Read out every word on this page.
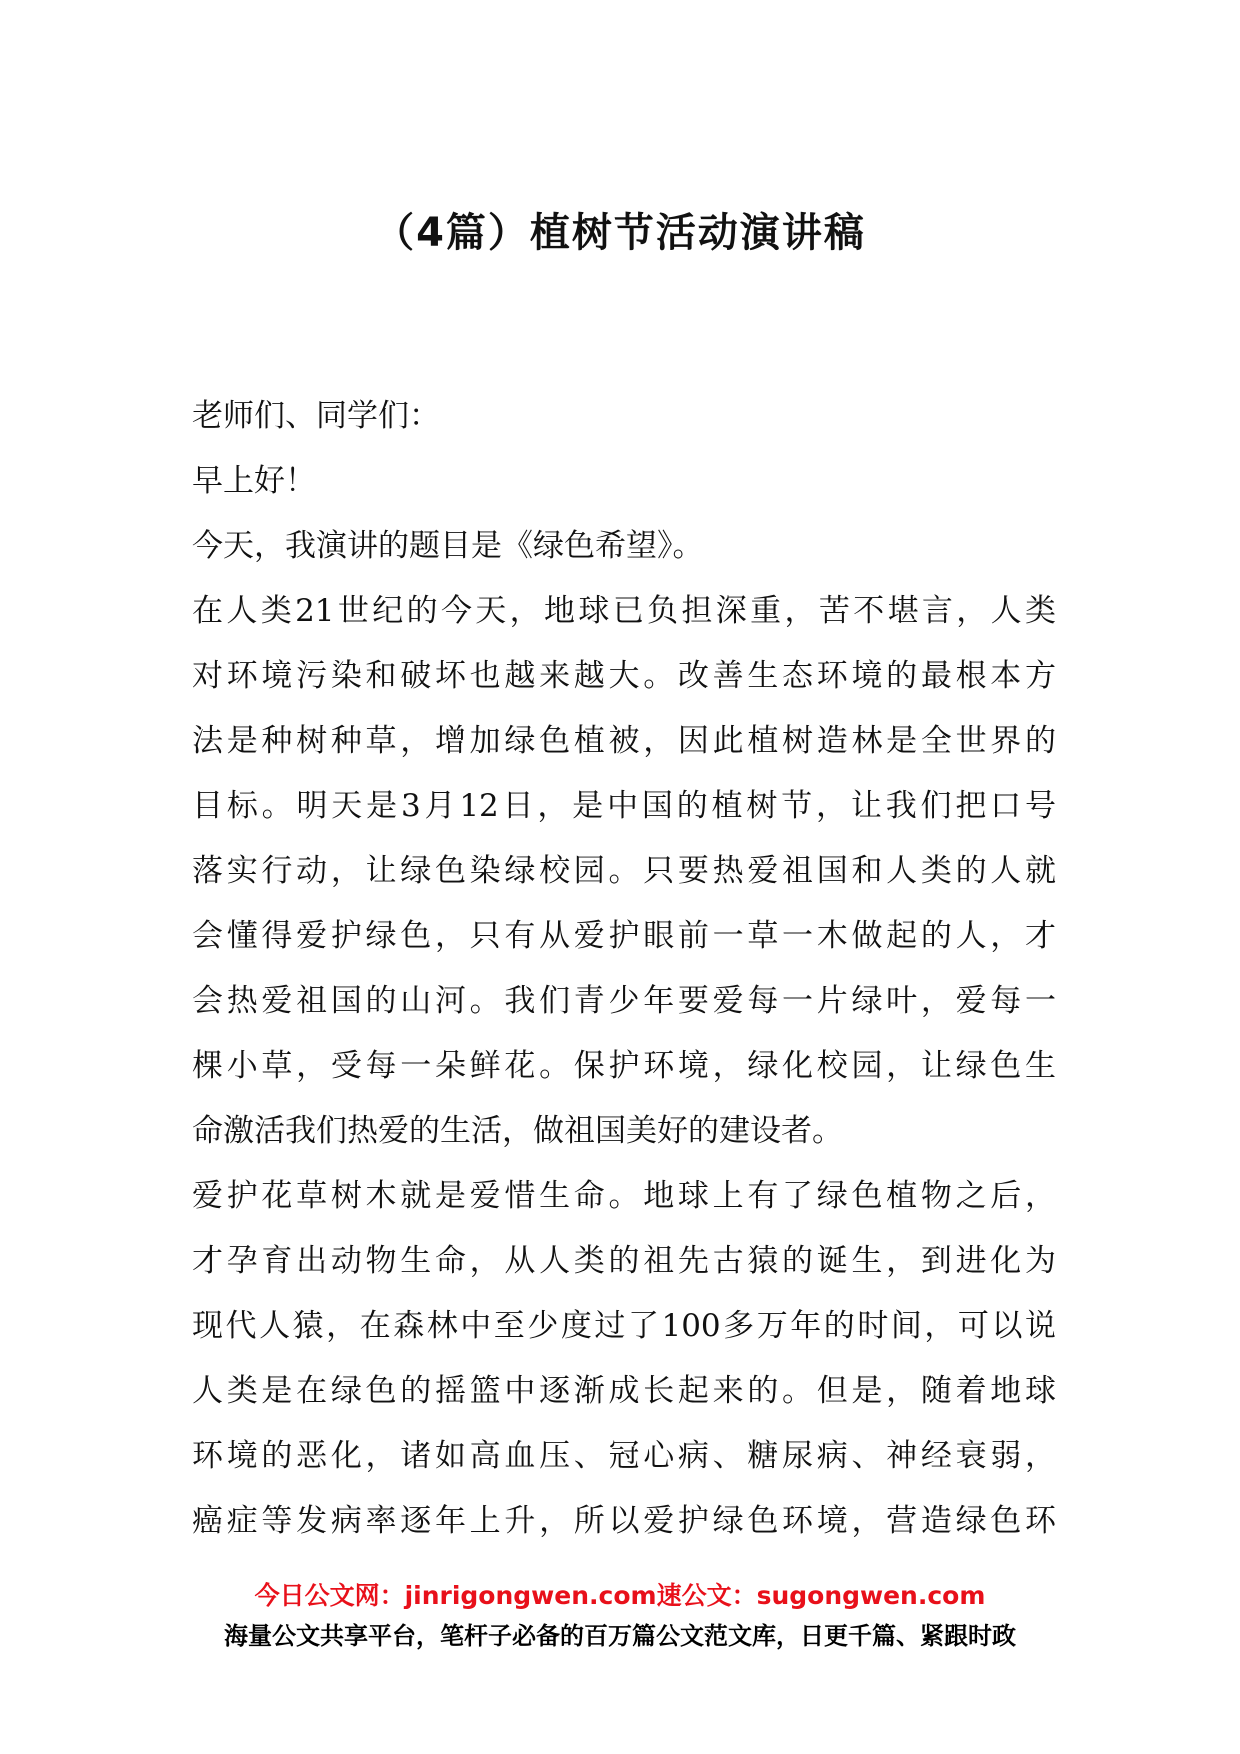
（4篇）植树节活动演讲稿
老师们、同学们：
早上好！
今天，我演讲的题目是《绿色希望》。
在人类21世纪的今天，地球已负担深重，苦不堪言，人类
对环境污染和破坏也越来越大。改善生态环境的最根本方
法是种树种草，增加绿色植被，因此植树造林是全世界的
目标。明天是3月12日，是中国的植树节，让我们把口号
落实行动，让绿色染绿校园。只要热爱祖国和人类的人就
会懂得爱护绿色，只有从爱护眼前一草一木做起的人，才
会热爱祖国的山河。我们青少年要爱每一片绿叶，爱每一
棵小草，受每一朵鲜花。保护环境，绿化校园，让绿色生
命激活我们热爱的生活，做祖国美好的建设者。
爱护花草树木就是爱惜生命。地球上有了绿色植物之后，
才孕育出动物生命，从人类的祖先古猿的诞生，到进化为
现代人猿，在森林中至少度过了100多万年的时间，可以说
人类是在绿色的摇篮中逐渐成长起来的。但是，随着地球
环境的恶化，诸如高血压、冠心病、糖尿病、神经衰弱，
癌症等发病率逐年上升，所以爱护绿色环境，营造绿色环
今日公文网：jinrigongwen.com速公文：sugongwen.com
海量公文共享平台，笔杆子必备的百万篇公文范文库，日更千篇、紧跟时政
